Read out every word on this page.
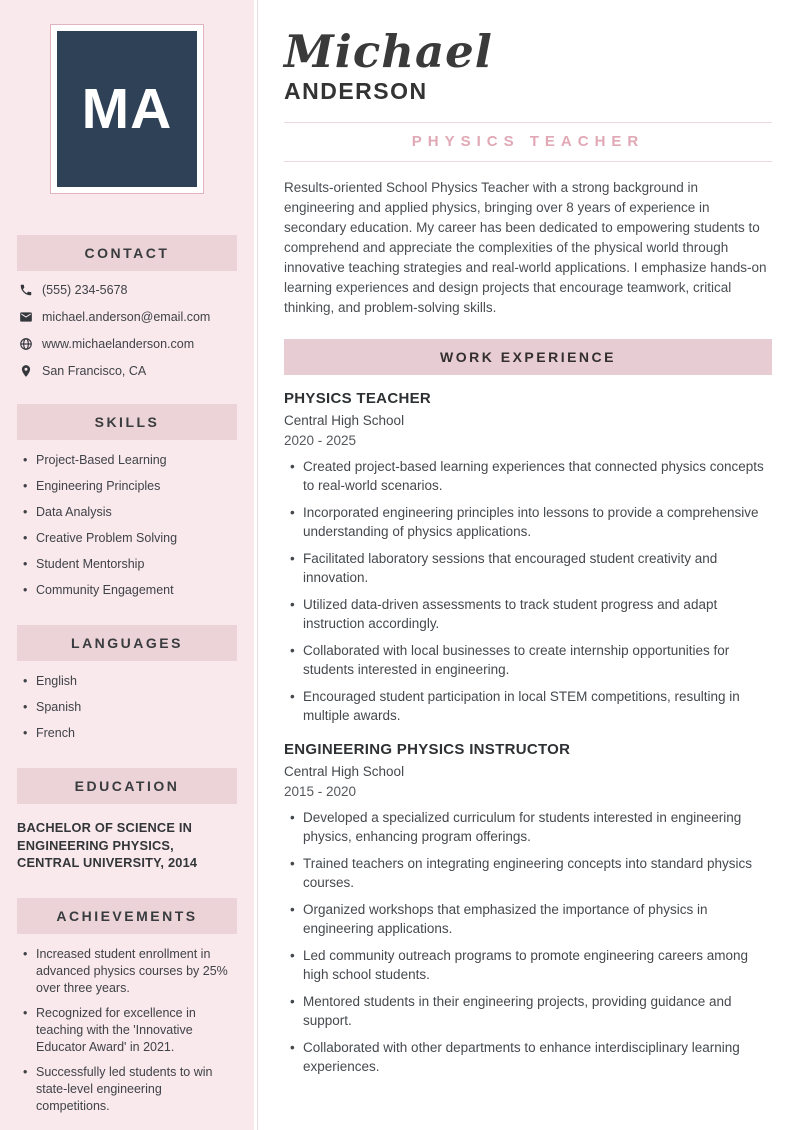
MA
CONTACT
(555) 234-5678
michael.anderson@email.com
www.michaelanderson.com
San Francisco, CA
SKILLS
• Project-Based Learning
• Engineering Principles
• Data Analysis
• Creative Problem Solving
• Student Mentorship
• Community Engagement
LANGUAGES
• English
• Spanish
• French
EDUCATION

BACHELOR OF SCIENCE IN ENGINEERING PHYSICS, CENTRAL UNIVERSITY, 2014

ACHIEVEMENTS
• Increased student enrollment in advanced physics courses by 25% over three years.
• Recognized for excellence in teaching with the 'Innovative Educator Award' in 2021.
• Successfully led students to win state-level engineering competitions.
Michael
ANDERSON
PHYSICS TEACHER

Results-oriented School Physics Teacher with a strong background in engineering and applied physics, bringing over 8 years of experience in secondary education. My career has been dedicated to empowering students to comprehend and appreciate the complexities of the physical world through innovative teaching strategies and real-world applications. I emphasize hands-on learning experiences and design projects that encourage teamwork, critical thinking, and problem-solving skills.

WORK EXPERIENCE
PHYSICS TEACHER
Central High School
2020 - 2025
• Created project-based learning experiences that connected physics concepts to real-world scenarios.
• Incorporated engineering principles into lessons to provide a comprehensive understanding of physics applications.
• Facilitated laboratory sessions that encouraged student creativity and innovation.
• Utilized data-driven assessments to track student progress and adapt instruction accordingly.
• Collaborated with local businesses to create internship opportunities for students interested in engineering.
• Encouraged student participation in local STEM competitions, resulting in multiple awards.
ENGINEERING PHYSICS INSTRUCTOR
Central High School
2015 - 2020
• Developed a specialized curriculum for students interested in engineering physics, enhancing program offerings.
• Trained teachers on integrating engineering concepts into standard physics courses.
• Organized workshops that emphasized the importance of physics in engineering applications.
• Led community outreach programs to promote engineering careers among high school students.
• Mentored students in their engineering projects, providing guidance and support.
• Collaborated with other departments to enhance interdisciplinary learning experiences.
